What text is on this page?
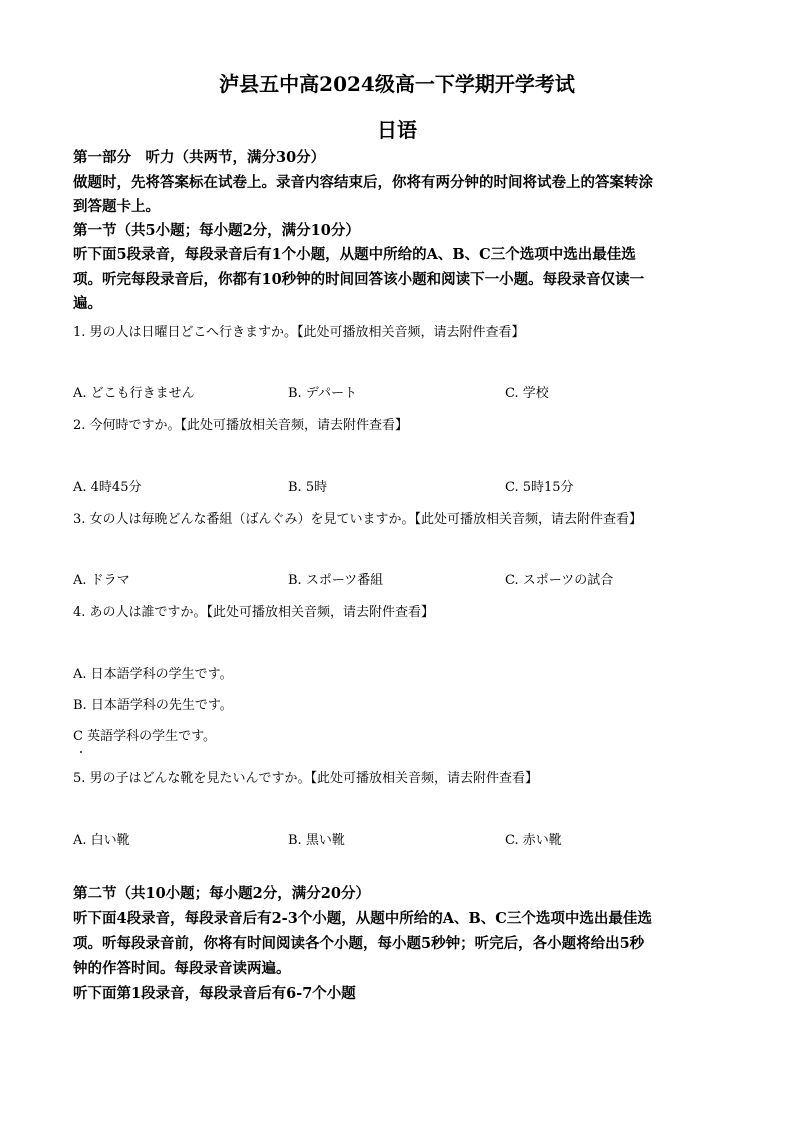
泸县五中高2024级高一下学期开学考试
日语
第一部分　听力（共两节，满分30分）
做题时，先将答案标在试卷上。录音内容结束后，你将有两分钟的时间将试卷上的答案转涂
到答题卡上。
第一节（共5小题；每小题2分，满分10分）
听下面5段录音，每段录音后有1个小题，从题中所给的A、B、C三个选项中选出最佳选
项。听完每段录音后，你都有10秒钟的时间回答该小题和阅读下一小题。每段录音仅读一
遍。
1. 男の人は日曜日どこへ行きますか。【此处可播放相关音频，请去附件查看】
A. どこも行きません	B. デパート	C. 学校
2. 今何時ですか。【此处可播放相关音频，请去附件查看】
A. 4時45分	B. 5時	C. 5時15分
3. 女の人は毎晩どんな番組（ばんぐみ）を見ていますか。【此处可播放相关音频，请去附件查看】
A. ドラマ	B. スポーツ番組	C. スポーツの試合
4. あの人は誰ですか。【此处可播放相关音频，请去附件查看】
A. 日本語学科の学生です。
B. 日本語学科の先生です。
C 英語学科の学生です。
5. 男の子はどんな靴を見たいんですか。【此处可播放相关音频，请去附件查看】
A. 白い靴	B. 黒い靴	C. 赤い靴
第二节（共10小题；每小题2分，满分20分）
听下面4段录音，每段录音后有2-3个小题，从题中所给的A、B、C三个选项中选出最佳选
项。听每段录音前，你将有时间阅读各个小题，每小题5秒钟；听完后，各小题将给出5秒
钟的作答时间。每段录音读两遍。
听下面第1段录音，每段录音后有6-7个小题
